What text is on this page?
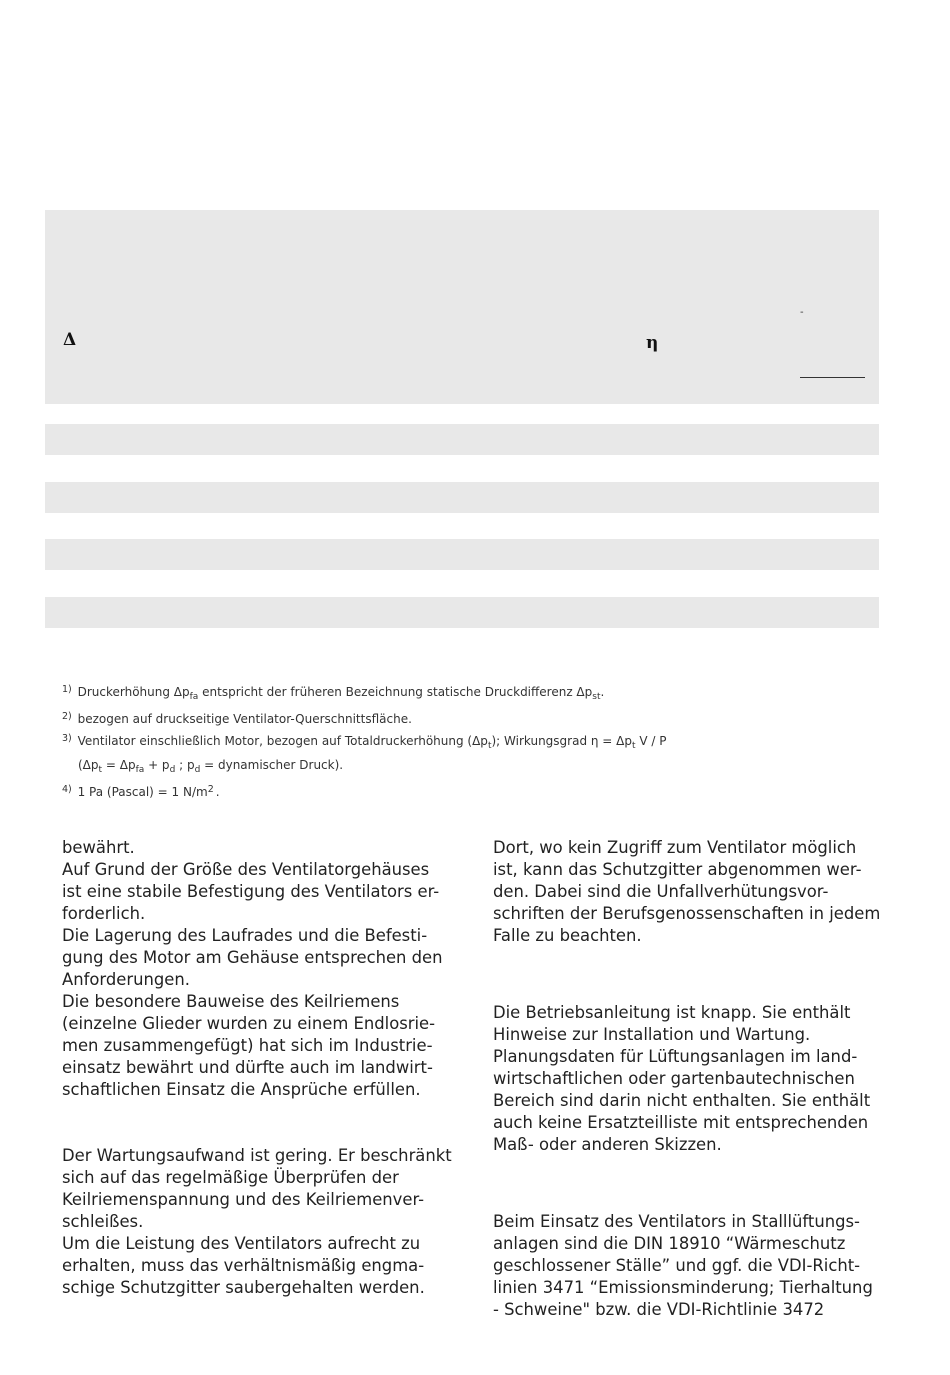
Δ	η
-
$^{1)}$ Druckerhöhung $\Delta p_{fa}$ entspricht der früheren Bezeichnung statische Druckdifferenz $\Delta p_{st}$.
$^{2)}$ bezogen auf druckseitige Ventilator-Querschnittsfläche.
$^{3)}$ Ventilator einschließlich Motor, bezogen auf Totaldruckerhöhung $(\Delta p_t)$; Wirkungsgrad $\eta = \Delta p_t$ V / P
($\Delta p_t = \Delta p_{fa} + p_d$ ; $p_d$ = dynamischer Druck).
$^{4)}$ 1 Pa (Pascal) = 1 $N/m^2$ .

bewährt.

Auf Grund der Größe des Ventilatorgehäuses

ist eine stabile Befestigung des Ventilators er-

forderlich.

Die Lagerung des Laufrades und die Befesti-

gung des Motor am Gehäuse entsprechen den

Anforderungen.

Die besondere Bauweise des Keilriemens

(einzelne Glieder wurden zu einem Endlosrie-

men zusammengefügt) hat sich im Industrie-

einsatz bewährt und dürfte auch im landwirt-

schaftlichen Einsatz die Ansprüche erfüllen.

Der Wartungsaufwand ist gering. Er beschränkt

sich auf das regelmäßige Überprüfen der

Keilriemenspannung und des Keilriemenver-

schleißes.

Um die Leistung des Ventilators aufrecht zu

erhalten, muss das verhältnismäßig engma-

schige Schutzgitter saubergehalten werden.

Dort, wo kein Zugriff zum Ventilator möglich

ist, kann das Schutzgitter abgenommen wer-

den. Dabei sind die Unfallverhütungsvor-

schriften der Berufsgenossenschaften in jedem

Falle zu beachten.

Die Betriebsanleitung ist knapp. Sie enthält

Hinweise zur Installation und Wartung.

Planungsdaten für Lüftungsanlagen im land-

wirtschaftlichen oder gartenbautechnischen

Bereich sind darin nicht enthalten. Sie enthält

auch keine Ersatzteilliste mit entsprechenden

Maß- oder anderen Skizzen.

Beim Einsatz des Ventilators in Stalllüftungs-

anlagen sind die DIN 18910 “Wärmeschutz

geschlossener Ställe” und ggf. die VDI-Richt-

linien 3471 “Emissionsminderung; Tierhaltung

- Schweine" bzw. die VDI-Richtlinie 3472
